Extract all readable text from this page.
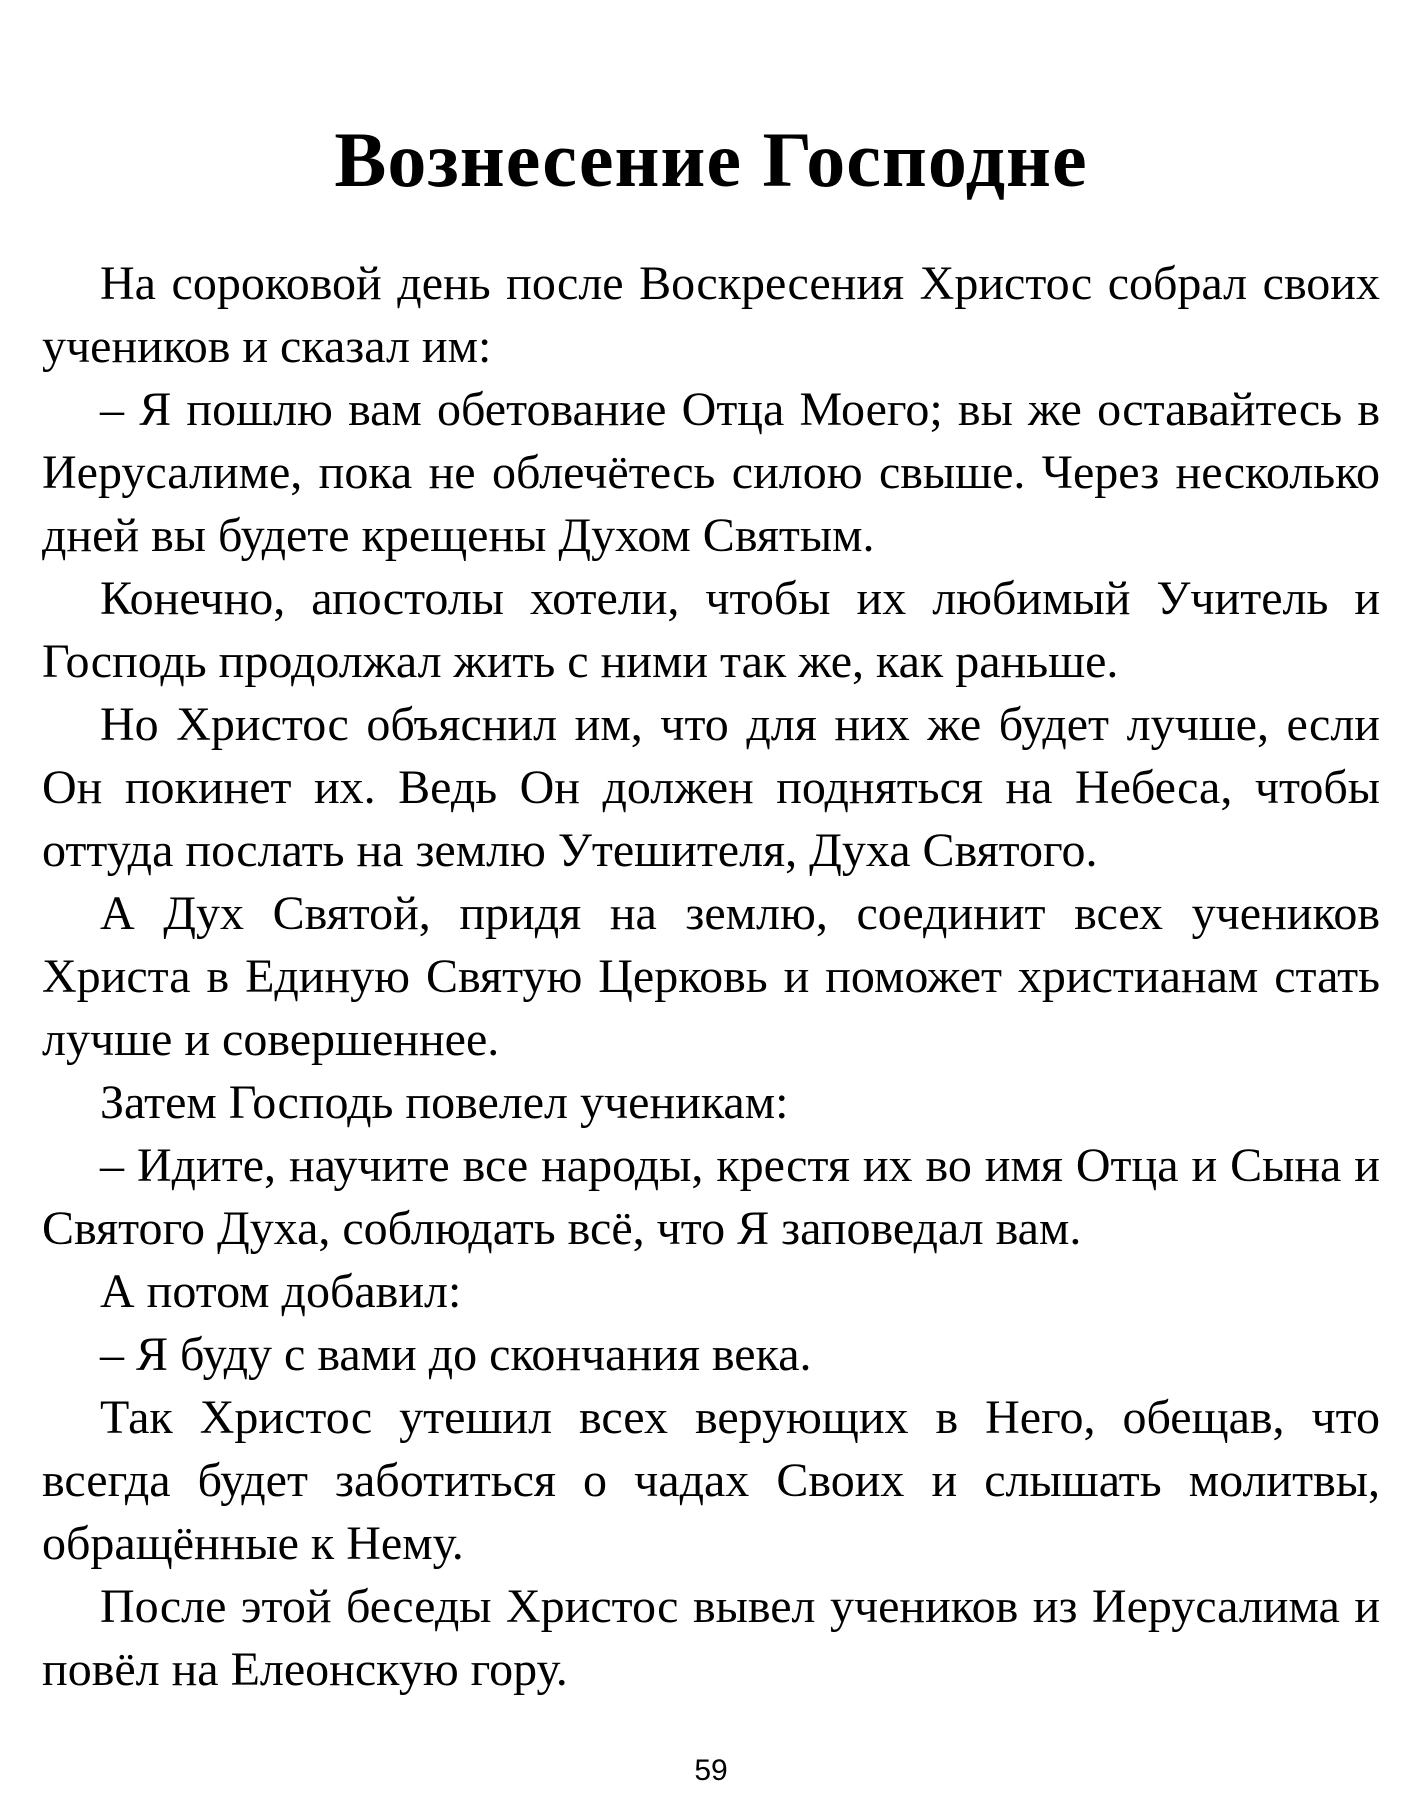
Вознесение Господне

На сороковой день после Воскресения Христос собрал своих учеников и сказал им:

– Я пошлю вам обетование Отца Моего; вы же оставайтесь в Иерусалиме, пока не облечётесь силою свыше. Через несколько дней вы будете крещены Духом Святым.

Конечно, апостолы хотели, чтобы их любимый Учитель и Господь продолжал жить с ними так же, как раньше.

Но Христос объяснил им, что для них же будет лучше, если Он покинет их. Ведь Он должен подняться на Небеса, чтобы оттуда послать на землю Утешителя, Духа Святого.

А Дух Святой, придя на землю, соединит всех учеников Христа в Единую Святую Церковь и поможет христианам стать лучше и совершеннее.

Затем Господь повелел ученикам:

– Идите, научите все народы, крестя их во имя Отца и Сына и Святого Духа, соблюдать всё, что Я заповедал вам.

А потом добавил:

– Я буду с вами до скончания века.

Так Христос утешил всех верующих в Него, обещав, что всегда будет заботиться о чадах Своих и слышать молитвы, обращённые к Нему.

После этой беседы Христос вывел учеников из Иерусалима и повёл на Елеонскую гору.

59
